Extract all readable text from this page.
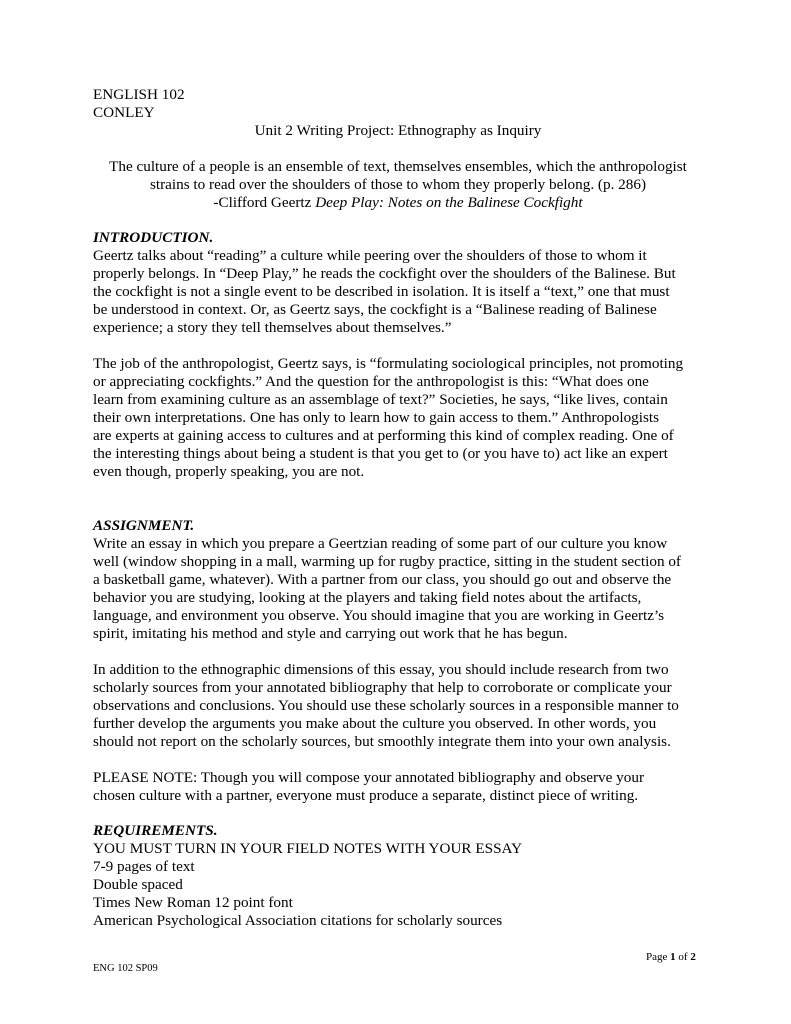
ENGLISH 102
CONLEY
Unit 2 Writing Project: Ethnography as Inquiry
The culture of a people is an ensemble of text, themselves ensembles, which the anthropologist
strains to read over the shoulders of those to whom they properly belong. (p. 286)
-Clifford Geertz Deep Play: Notes on the Balinese Cockfight
INTRODUCTION.
Geertz talks about “reading” a culture while peering over the shoulders of those to whom it
properly belongs. In “Deep Play,” he reads the cockfight over the shoulders of the Balinese. But
the cockfight is not a single event to be described in isolation. It is itself a “text,” one that must
be understood in context. Or, as Geertz says, the cockfight is a “Balinese reading of Balinese
experience; a story they tell themselves about themselves.”
The job of the anthropologist, Geertz says, is “formulating sociological principles, not promoting
or appreciating cockfights.” And the question for the anthropologist is this: “What does one
learn from examining culture as an assemblage of text?” Societies, he says, “like lives, contain
their own interpretations. One has only to learn how to gain access to them.” Anthropologists
are experts at gaining access to cultures and at performing this kind of complex reading. One of
the interesting things about being a student is that you get to (or you have to) act like an expert
even though, properly speaking, you are not.
ASSIGNMENT.
Write an essay in which you prepare a Geertzian reading of some part of our culture you know
well (window shopping in a mall, warming up for rugby practice, sitting in the student section of
a basketball game, whatever). With a partner from our class, you should go out and observe the
behavior you are studying, looking at the players and taking field notes about the artifacts,
language, and environment you observe. You should imagine that you are working in Geertz’s
spirit, imitating his method and style and carrying out work that he has begun.
In addition to the ethnographic dimensions of this essay, you should include research from two
scholarly sources from your annotated bibliography that help to corroborate or complicate your
observations and conclusions. You should use these scholarly sources in a responsible manner to
further develop the arguments you make about the culture you observed. In other words, you
should not report on the scholarly sources, but smoothly integrate them into your own analysis.
PLEASE NOTE: Though you will compose your annotated bibliography and observe your
chosen culture with a partner, everyone must produce a separate, distinct piece of writing.
REQUIREMENTS.
YOU MUST TURN IN YOUR FIELD NOTES WITH YOUR ESSAY
7-9 pages of text
Double spaced
Times New Roman 12 point font
American Psychological Association citations for scholarly sources
Page 1 of 2
ENG 102 SP09
